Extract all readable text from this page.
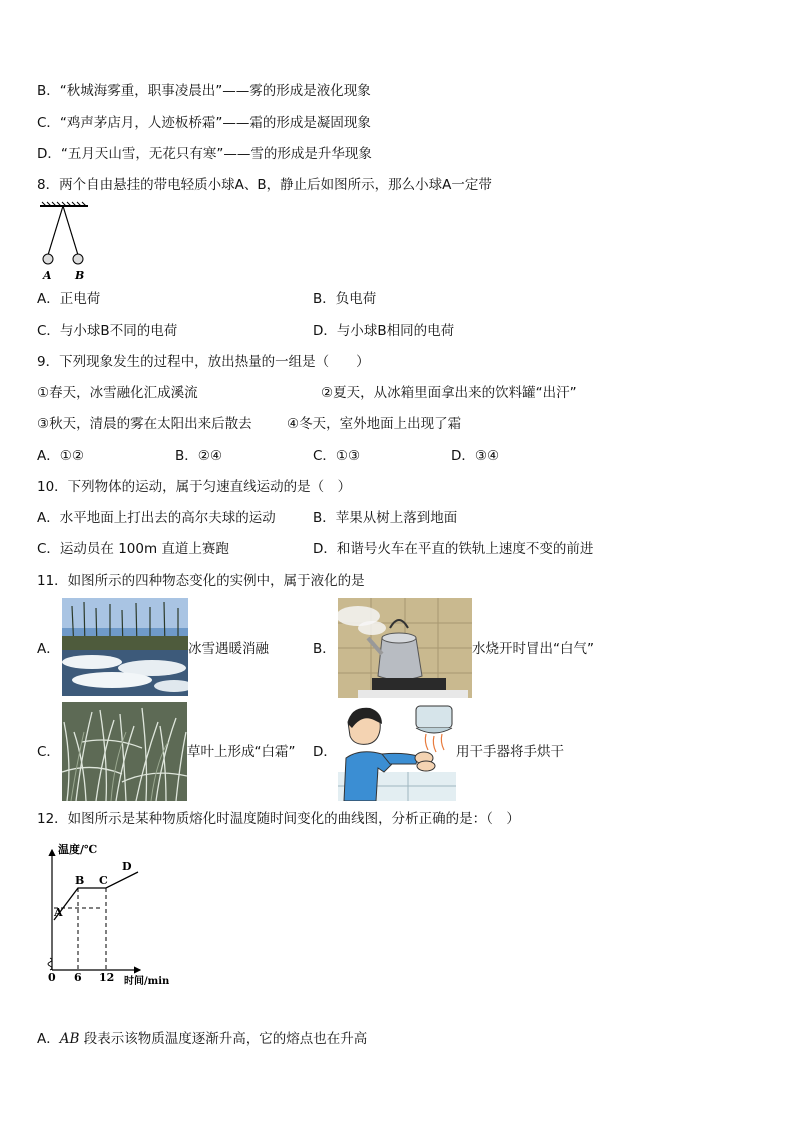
B．“秋城海雾重，职事凌晨出”——雾的形成是液化现象
C．“鸡声茅店月，人迹板桥霜”——霜的形成是凝固现象
D．“五月天山雪，无花只有寒”——雪的形成是升华现象
8．两个自由悬挂的带电轻质小球A、B，静止后如图所示，那么小球A一定带
A B
A．正电荷	B．负电荷
C．与小球B不同的电荷	D．与小球B相同的电荷
9．下列现象发生的过程中，放出热量的一组是（　　）
①春天，冰雪融化汇成溪流	②夏天，从冰箱里面拿出来的饮料罐“出汗”
③秋天，清晨的雾在太阳出来后散去	④冬天，室外地面上出现了霜
A．①②	B．②④	C．①③	D．③④
10．下列物体的运动，属于匀速直线运动的是（　）
A．水平地面上打出去的高尔夫球的运动	B．苹果从树上落到地面
C．运动员在 100m 直道上赛跑	D．和谐号火车在平直的铁轨上速度不变的前进
11．如图所示的四种物态变化的实例中，属于液化的是
A．	冰雪遇暖消融	B．	水烧开时冒出“白气”
C．	草叶上形成“白霜” D．	用干手器将手烘干
12．如图所示是某种物质熔化时温度随时间变化的曲线图，分析正确的是：（　）
温度/℃
A
B C
D
0 6 12 时间/min
A．AB 段表示该物质温度逐渐升高，它的熔点也在升高
